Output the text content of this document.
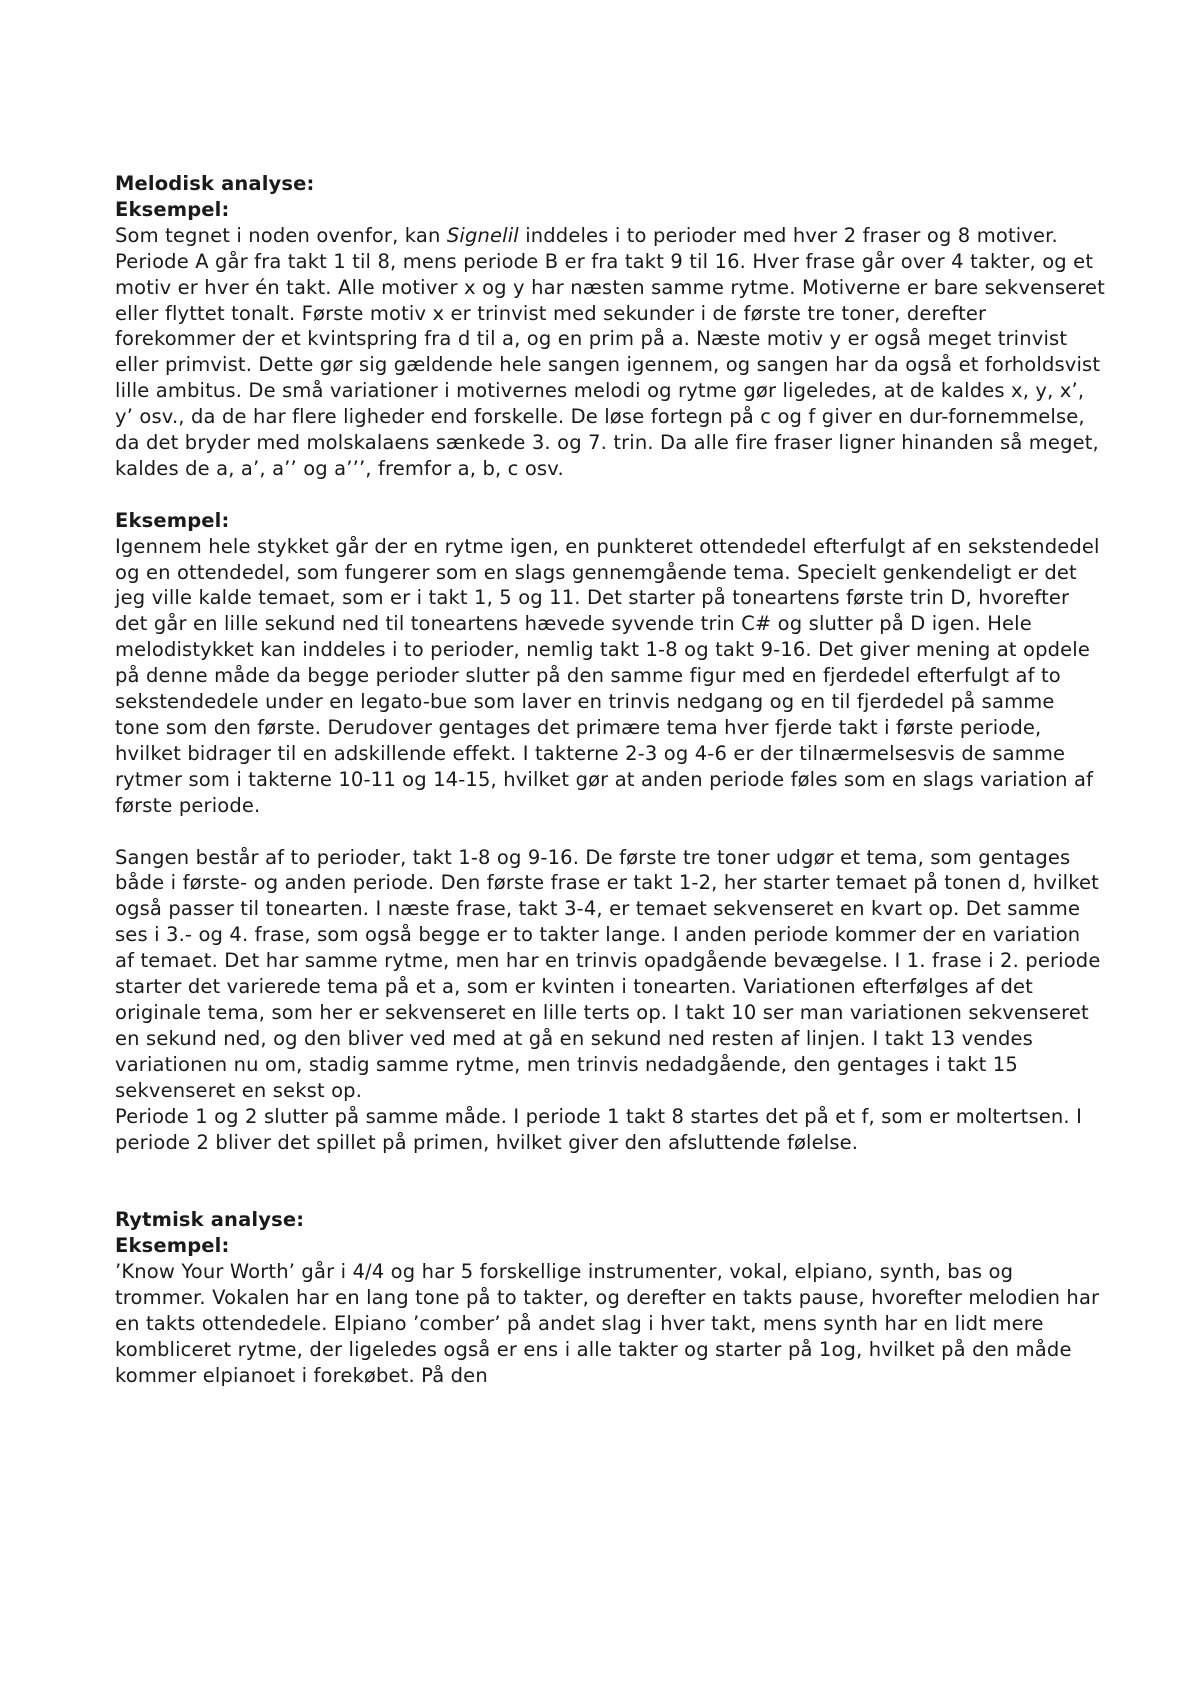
Melodisk analyse:

Eksempel:

Som tegnet i noden ovenfor, kan Signelil inddeles i to perioder med hver 2 fraser og 8 motiver.

Periode A går fra takt 1 til 8, mens periode B er fra takt 9 til 16. Hver frase går over 4 takter, og et motiv er hver én takt. Alle motiver x og y har næsten samme rytme. Motiverne er bare sekvenseret eller flyttet tonalt. Første motiv x er trinvist med sekunder i de første tre toner, derefter forekommer der et kvintspring fra d til a, og en prim på a. Næste motiv y er også meget trinvist eller primvist. Dette gør sig gældende hele sangen igennem, og sangen har da også et forholdsvist lille ambitus. De små variationer i motivernes melodi og rytme gør ligeledes, at de kaldes x, y, x’, y’ osv., da de har flere ligheder end forskelle. De løse fortegn på c og f giver en dur-fornemmelse, da det bryder med molskalaens sænkede 3. og 7. trin. Da alle fire fraser ligner hinanden så meget, kaldes de a, a’, a’’ og a’’’, fremfor a, b, c osv.

Eksempel:

Igennem hele stykket går der en rytme igen, en punkteret ottendedel efterfulgt af en sekstendedel og en ottendedel, som fungerer som en slags gennemgående tema. Specielt genkendeligt er det jeg ville kalde temaet, som er i takt 1, 5 og 11. Det starter på toneartens første trin D, hvorefter det går en lille sekund ned til toneartens hævede syvende trin C# og slutter på D igen. Hele melodistykket kan inddeles i to perioder, nemlig takt 1-8 og takt 9-16. Det giver mening at opdele på denne måde da begge perioder slutter på den samme figur med en fjerdedel efterfulgt af to sekstendedele under en legato-bue som laver en trinvis nedgang og en til fjerdedel på samme tone som den første. Derudover gentages det primære tema hver fjerde takt i første periode, hvilket bidrager til en adskillende effekt. I takterne 2-3 og 4-6 er der tilnærmelsesvis de samme rytmer som i takterne 10-11 og 14-15, hvilket gør at anden periode føles som en slags variation af første periode.

Sangen består af to perioder, takt 1-8 og 9-16. De første tre toner udgør et tema, som gentages både i første- og anden periode. Den første frase er takt 1-2, her starter temaet på tonen d, hvilket også passer til tonearten. I næste frase, takt 3-4, er temaet sekvenseret en kvart op. Det samme ses i 3.- og 4. frase, som også begge er to takter lange. I anden periode kommer der en variation af temaet. Det har samme rytme, men har en trinvis opadgående bevægelse. I 1. frase i 2. periode starter det varierede tema på et a, som er kvinten i tonearten. Variationen efterfølges af det originale tema, som her er sekvenseret en lille terts op. I takt 10 ser man variationen sekvenseret en sekund ned, og den bliver ved med at gå en sekund ned resten af linjen. I takt 13 vendes variationen nu om, stadig samme rytme, men trinvis nedadgående, den gentages i takt 15 sekvenseret en sekst op.

Periode 1 og 2 slutter på samme måde. I periode 1 takt 8 startes det på et f, som er moltertsen. I periode 2 bliver det spillet på primen, hvilket giver den afsluttende følelse.

Rytmisk analyse:

Eksempel:

’Know Your Worth’ går i 4/4 og har 5 forskellige instrumenter, vokal, elpiano, synth, bas og trommer. Vokalen har en lang tone på to takter, og derefter en takts pause, hvorefter melodien har en takts ottendedele. Elpiano ’comber’ på andet slag i hver takt, mens synth har en lidt mere kombliceret rytme, der ligeledes også er ens i alle takter og starter på 1og, hvilket på den måde kommer elpianoet i forekøbet. På den
